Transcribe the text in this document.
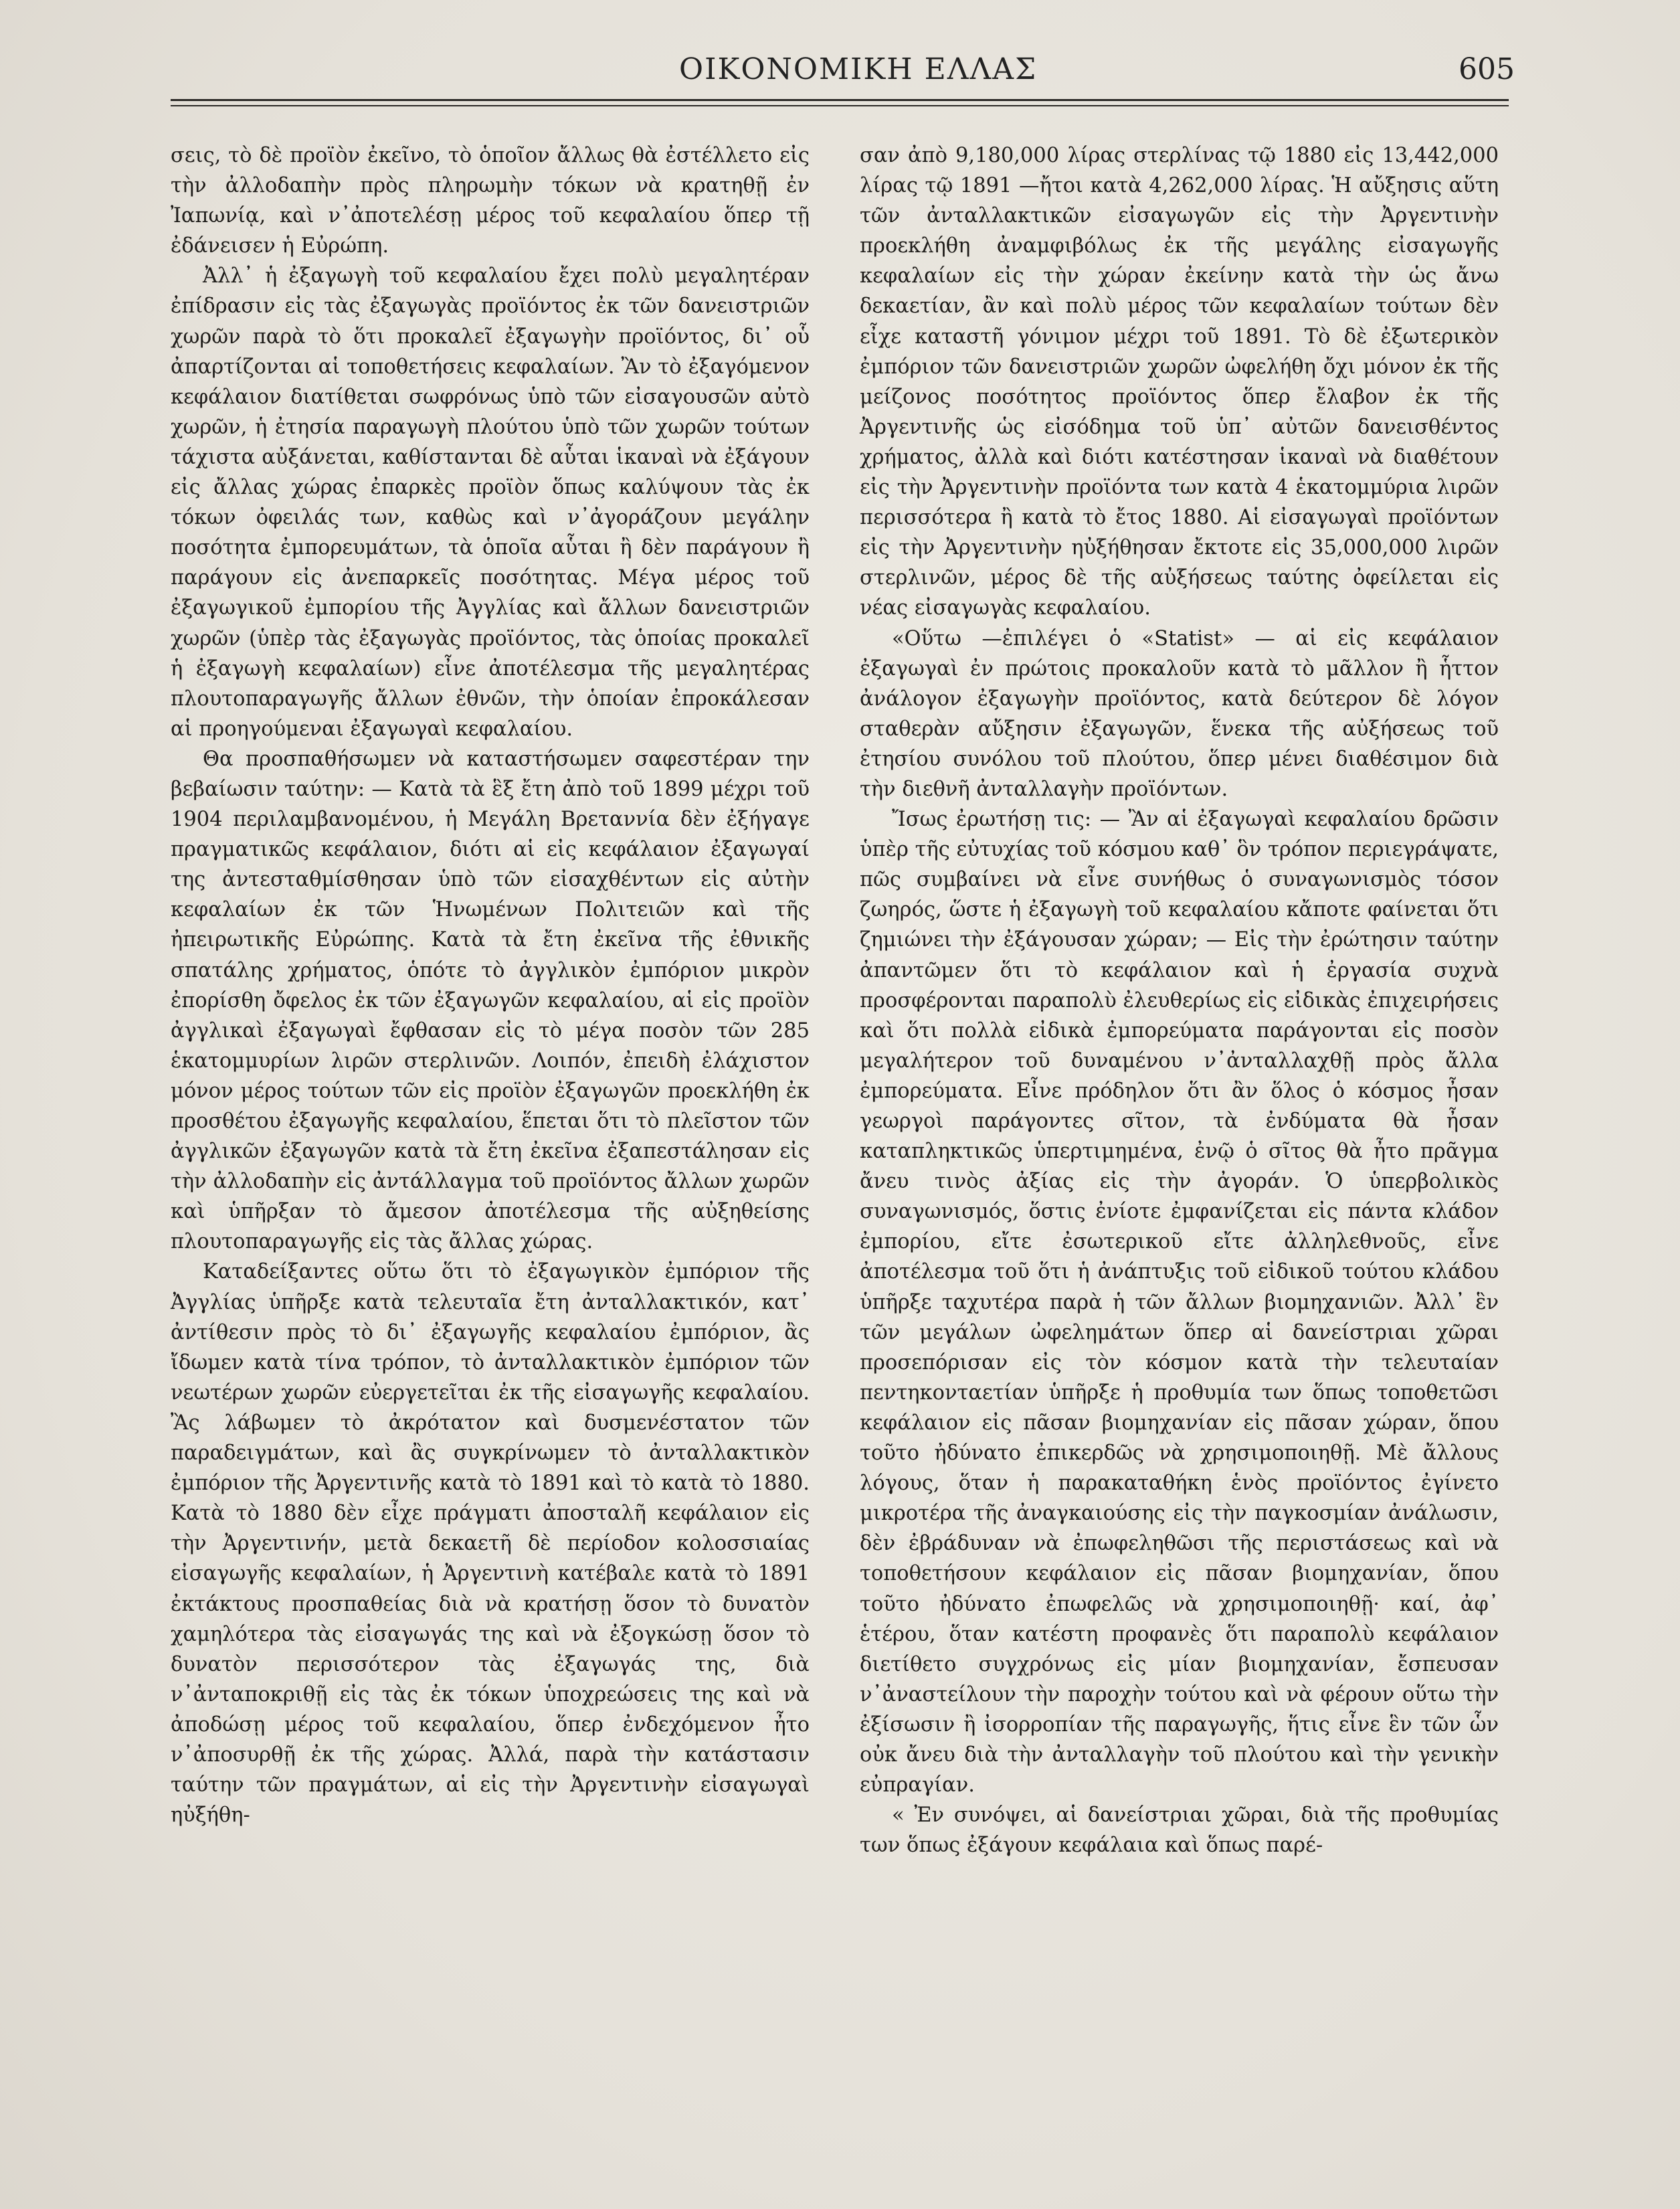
ΟΙΚΟΝΟΜΙΚΗ ΕΛΛΑΣ	605

σεις, τὸ δὲ προϊὸν ἐκεῖνο, τὸ ὁποῖον ἄλλως θὰ ἐστέλλετο εἰς τὴν ἀλλοδαπὴν πρὸς πληρωμὴν τόκων νὰ κρατηθῇ ἐν Ἰαπωνίᾳ, καὶ ν᾽ἀποτελέσῃ μέρος τοῦ κεφαλαίου ὅπερ τῇ ἐδάνεισεν ἡ Εὐρώπη.

Ἀλλ᾽ ἡ ἐξαγωγὴ τοῦ κεφαλαίου ἔχει πολὺ μεγαλητέραν ἐπίδρασιν εἰς τὰς ἐξαγωγὰς προϊόντος ἐκ τῶν δανειστριῶν χωρῶν παρὰ τὸ ὅτι προκαλεῖ ἐξαγωγὴν προϊόντος, δι᾽ οὗ ἀπαρτίζονται αἱ τοποθετήσεις κεφαλαίων. Ἂν τὸ ἐξαγόμενον κεφάλαιον διατίθεται σωφρόνως ὑπὸ τῶν εἰσαγουσῶν αὐτὸ χωρῶν, ἡ ἐτησία παραγωγὴ πλούτου ὑπὸ τῶν χωρῶν τούτων τάχιστα αὐξάνεται, καθίστανται δὲ αὗται ἱκαναὶ νὰ ἐξάγουν εἰς ἄλλας χώρας ἐπαρκὲς προϊὸν ὅπως καλύψουν τὰς ἐκ τόκων ὀφειλάς των, καθὼς καὶ ν᾽ἀγοράζουν μεγάλην ποσότητα ἐμπορευμάτων, τὰ ὁποῖα αὗται ἢ δὲν παράγουν ἢ παράγουν εἰς ἀνεπαρκεῖς ποσότητας. Μέγα μέρος τοῦ ἐξαγωγικοῦ ἐμπορίου τῆς Ἀγγλίας καὶ ἄλλων δανειστριῶν χωρῶν (ὑπὲρ τὰς ἐξαγωγὰς προϊόντος, τὰς ὁποίας προκαλεῖ ἡ ἐξαγωγὴ κεφαλαίων) εἶνε ἀποτέλεσμα τῆς μεγαλητέρας πλουτοπαραγωγῆς ἄλλων ἐθνῶν, τὴν ὁποίαν ἐπροκάλεσαν αἱ προηγούμεναι ἐξαγωγαὶ κεφαλαίου.

Θα προσπαθήσωμεν νὰ καταστήσωμεν σαφεστέραν την βεβαίωσιν ταύτην: — Κατὰ τὰ ἓξ ἔτη ἀπὸ τοῦ 1899 μέχρι τοῦ 1904 περιλαμβανομένου, ἡ Μεγάλη Βρεταννία δὲν ἐξήγαγε πραγματικῶς κεφάλαιον, διότι αἱ εἰς κεφάλαιον ἐξαγωγαί της ἀντεσταθμίσθησαν ὑπὸ τῶν εἰσαχθέντων εἰς αὐτὴν κεφαλαίων ἐκ τῶν Ἡνωμένων Πολιτειῶν καὶ τῆς ἠπειρωτικῆς Εὐρώπης. Κατὰ τὰ ἔτη ἐκεῖνα τῆς ἐθνικῆς σπατάλης χρήματος, ὁπότε τὸ ἀγγλικὸν ἐμπόριον μικρὸν ἐπορίσθη ὄφελος ἐκ τῶν ἐξαγωγῶν κεφαλαίου, αἱ εἰς προϊὸν ἀγγλικαὶ ἐξαγωγαὶ ἔφθασαν εἰς τὸ μέγα ποσὸν τῶν 285 ἑκατομμυρίων λιρῶν στερλινῶν. Λοιπόν, ἐπειδὴ ἐλάχιστον μόνον μέρος τούτων τῶν εἰς προϊὸν ἐξαγωγῶν προεκλήθη ἐκ προσθέτου ἐξαγωγῆς κεφαλαίου, ἕπεται ὅτι τὸ πλεῖστον τῶν ἀγγλικῶν ἐξαγωγῶν κατὰ τὰ ἔτη ἐκεῖνα ἐξαπεστάλησαν εἰς τὴν ἀλλοδαπὴν εἰς ἀντάλλαγμα τοῦ προϊόντος ἄλλων χωρῶν καὶ ὑπῆρξαν τὸ ἄμεσον ἀποτέλεσμα τῆς αὐξηθείσης πλουτοπαραγωγῆς εἰς τὰς ἄλλας χώρας.

Καταδείξαντες οὕτω ὅτι τὸ ἐξαγωγικὸν ἐμπόριον τῆς Ἀγγλίας ὑπῆρξε κατὰ τελευταῖα ἔτη ἀνταλλακτικόν, κατ᾽ ἀντίθεσιν πρὸς τὸ δι᾽ ἐξαγωγῆς κεφαλαίου ἐμπόριον, ἂς ἴδωμεν κατὰ τίνα τρόπον, τὸ ἀνταλλακτικὸν ἐμπόριον τῶν νεωτέρων χωρῶν εὐεργετεῖται ἐκ τῆς εἰσαγωγῆς κεφαλαίου. Ἂς λάβωμεν τὸ ἀκρότατον καὶ δυσμενέστατον τῶν παραδειγμάτων, καὶ ἂς συγκρίνωμεν τὸ ἀνταλλακτικὸν ἐμπόριον τῆς Ἀργεντινῆς κατὰ τὸ 1891 καὶ τὸ κατὰ τὸ 1880. Κατὰ τὸ 1880 δὲν εἶχε πράγματι ἀποσταλῆ κεφάλαιον εἰς τὴν Ἀργεντινήν, μετὰ δεκαετῆ δὲ περίοδον κολοσσιαίας εἰσαγωγῆς κεφαλαίων, ἡ Ἀργεντινὴ κατέβαλε κατὰ τὸ 1891 ἐκτάκτους προσπαθείας διὰ νὰ κρατήσῃ ὅσον τὸ δυνατὸν χαμηλότερα τὰς εἰσαγωγάς της καὶ νὰ ἐξογκώσῃ ὅσον τὸ δυνατὸν περισσότερον τὰς ἐξαγωγάς της, διὰ ν᾽ἀνταποκριθῇ εἰς τὰς ἐκ τόκων ὑποχρεώσεις της καὶ νὰ ἀποδώσῃ μέρος τοῦ κεφαλαίου, ὅπερ ἐνδεχόμενον ἦτο ν᾽ἀποσυρθῇ ἐκ τῆς χώρας. Ἀλλά, παρὰ τὴν κατάστασιν ταύτην τῶν πραγμάτων, αἱ εἰς τὴν Ἀργεντινὴν εἰσαγωγαὶ ηὐξήθη-

σαν ἀπὸ 9,180,000 λίρας στερλίνας τῷ 1880 εἰς 13,442,000 λίρας τῷ 1891 —ἤτοι κατὰ 4,262,000 λίρας. Ἡ αὔξησις αὕτη τῶν ἀνταλλακτικῶν εἰσαγωγῶν εἰς τὴν Ἀργεντινὴν προεκλήθη ἀναμφιβόλως ἐκ τῆς μεγάλης εἰσαγωγῆς κεφαλαίων εἰς τὴν χώραν ἐκείνην κατὰ τὴν ὡς ἄνω δεκαετίαν, ἂν καὶ πολὺ μέρος τῶν κεφαλαίων τούτων δὲν εἶχε καταστῆ γόνιμον μέχρι τοῦ 1891. Τὸ δὲ ἐξωτερικὸν ἐμπόριον τῶν δανειστριῶν χωρῶν ὠφελήθη ὄχι μόνον ἐκ τῆς μείζονος ποσότητος προϊόντος ὅπερ ἔλαβον ἐκ τῆς Ἀργεντινῆς ὡς εἰσόδημα τοῦ ὑπ᾽ αὐτῶν δανεισθέντος χρήματος, ἀλλὰ καὶ διότι κατέστησαν ἱκαναὶ νὰ διαθέτουν εἰς τὴν Ἀργεντινὴν προϊόντα των κατὰ 4 ἑκατομμύρια λιρῶν περισσότερα ἢ κατὰ τὸ ἔτος 1880. Αἱ εἰσαγωγαὶ προϊόντων εἰς τὴν Ἀργεντινὴν ηὐξήθησαν ἔκτοτε εἰς 35,000,000 λιρῶν στερλινῶν, μέρος δὲ τῆς αὐξήσεως ταύτης ὀφείλεται εἰς νέας εἰσαγωγὰς κεφαλαίου.

«Οὕτω —ἐπιλέγει ὁ «Statist» — αἱ εἰς κεφάλαιον ἐξαγωγαὶ ἐν πρώτοις προκαλοῦν κατὰ τὸ μᾶλλον ἢ ἧττον ἀνάλογον ἐξαγωγὴν προϊόντος, κατὰ δεύτερον δὲ λόγον σταθερὰν αὔξησιν ἐξαγωγῶν, ἕνεκα τῆς αὐξήσεως τοῦ ἐτησίου συνόλου τοῦ πλούτου, ὅπερ μένει διαθέσιμον διὰ τὴν διεθνῆ ἀνταλλαγὴν προϊόντων.

Ἴσως ἐρωτήσῃ τις: — Ἂν αἱ ἐξαγωγαὶ κεφαλαίου δρῶσιν ὑπὲρ τῆς εὐτυχίας τοῦ κόσμου καθ᾽ ὃν τρόπον περιεγράψατε, πῶς συμβαίνει νὰ εἶνε συνήθως ὁ συναγωνισμὸς τόσον ζωηρός, ὥστε ἡ ἐξαγωγὴ τοῦ κεφαλαίου κἄποτε φαίνεται ὅτι ζημιώνει τὴν ἐξάγουσαν χώραν; — Εἰς τὴν ἐρώτησιν ταύτην ἀπαντῶμεν ὅτι τὸ κεφάλαιον καὶ ἡ ἐργασία συχνὰ προσφέρονται παραπολὺ ἐλευθερίως εἰς εἰδικὰς ἐπιχειρήσεις καὶ ὅτι πολλὰ εἰδικὰ ἐμπορεύματα παράγονται εἰς ποσὸν μεγαλήτερον τοῦ δυναμένου ν᾽ἀνταλλαχθῇ πρὸς ἄλλα ἐμπορεύματα. Εἶνε πρόδηλον ὅτι ἂν ὅλος ὁ κόσμος ἦσαν γεωργοὶ παράγοντες σῖτον, τὰ ἐνδύματα θὰ ἦσαν καταπληκτικῶς ὑπερτιμημένα, ἐνῷ ὁ σῖτος θὰ ἦτο πρᾶγμα ἄνευ τινὸς ἀξίας εἰς τὴν ἀγοράν. Ὁ ὑπερβολικὸς συναγωνισμός, ὅστις ἐνίοτε ἐμφανίζεται εἰς πάντα κλάδον ἐμπορίου, εἴτε ἐσωτερικοῦ εἴτε ἀλληλεθνοῦς, εἶνε ἀποτέλεσμα τοῦ ὅτι ἡ ἀνάπτυξις τοῦ εἰδικοῦ τούτου κλάδου ὑπῆρξε ταχυτέρα παρὰ ἡ τῶν ἄλλων βιομηχανιῶν. Ἀλλ᾽ ἓν τῶν μεγάλων ὠφελημάτων ὅπερ αἱ δανείστριαι χῶραι προσεπόρισαν εἰς τὸν κόσμον κατὰ τὴν τελευταίαν πεντηκονταετίαν ὑπῆρξε ἡ προθυμία των ὅπως τοποθετῶσι κεφάλαιον εἰς πᾶσαν βιομηχανίαν εἰς πᾶσαν χώραν, ὅπου τοῦτο ἠδύνατο ἐπικερδῶς νὰ χρησιμοποιηθῇ. Μὲ ἄλλους λόγους, ὅταν ἡ παρακαταθήκη ἑνὸς προϊόντος ἐγίνετο μικροτέρα τῆς ἀναγκαιούσης εἰς τὴν παγκοσμίαν ἀνάλωσιν, δὲν ἐβράδυναν νὰ ἐπωφεληθῶσι τῆς περιστάσεως καὶ νὰ τοποθετήσουν κεφάλαιον εἰς πᾶσαν βιομηχανίαν, ὅπου τοῦτο ἠδύνατο ἐπωφελῶς νὰ χρησιμοποιηθῇ· καί, ἀφ᾽ ἑτέρου, ὅταν κατέστη προφανὲς ὅτι παραπολὺ κεφάλαιον διετίθετο συγχρόνως εἰς μίαν βιομηχανίαν, ἔσπευσαν ν᾽ἀναστείλουν τὴν παροχὴν τούτου καὶ νὰ φέρουν οὕτω τὴν ἐξίσωσιν ἢ ἰσορροπίαν τῆς παραγωγῆς, ἥτις εἶνε ἓν τῶν ὧν οὐκ ἄνευ διὰ τὴν ἀνταλλαγὴν τοῦ πλούτου καὶ τὴν γενικὴν εὐπραγίαν.

« Ἐν συνόψει, αἱ δανείστριαι χῶραι, διὰ τῆς προθυμίας των ὅπως ἐξάγουν κεφάλαια καὶ ὅπως παρέ-
